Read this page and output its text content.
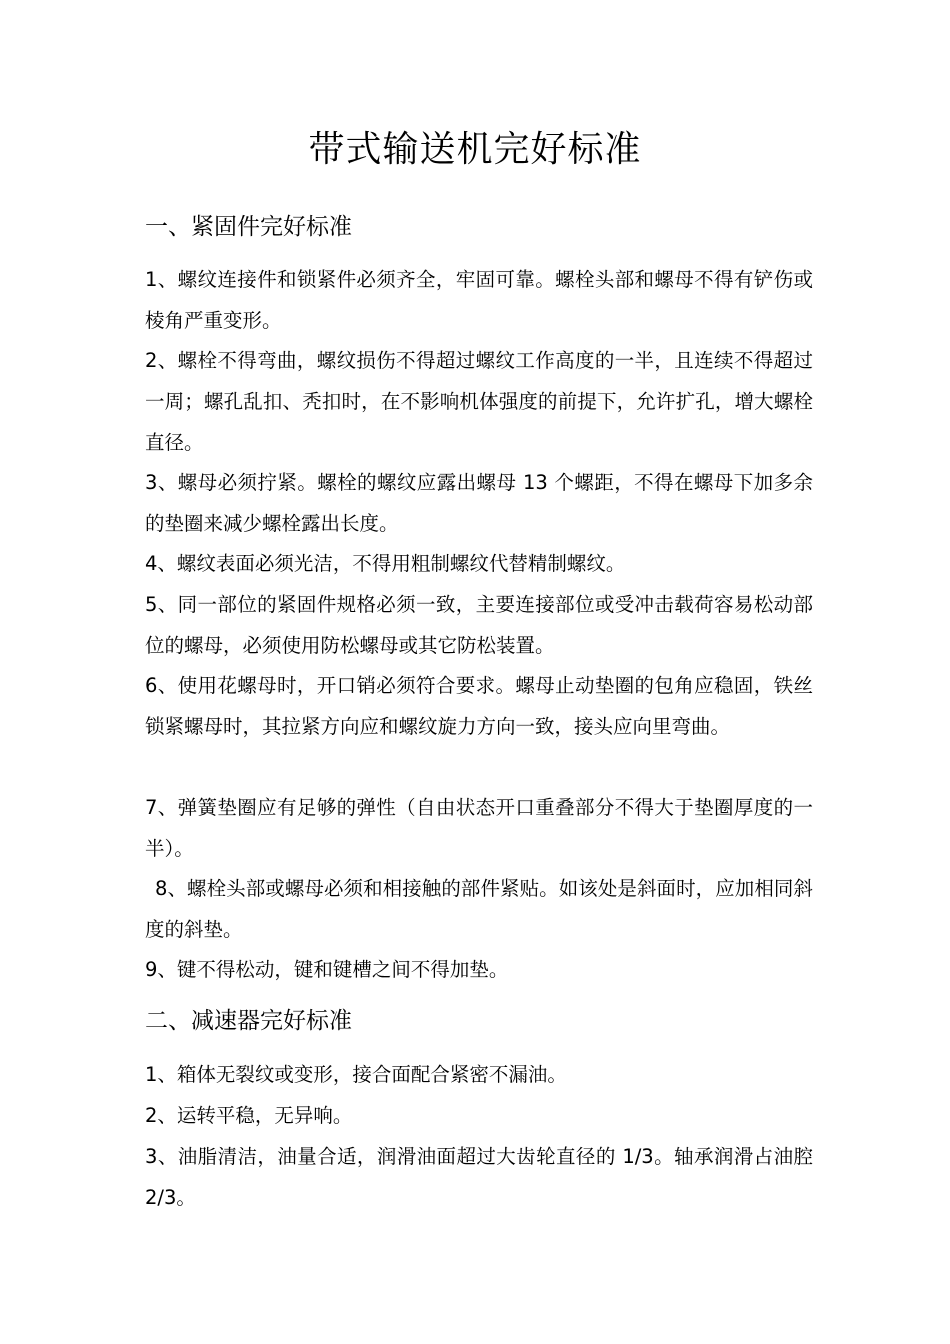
带式输送机完好标准
一、紧固件完好标准

1、螺纹连接件和锁紧件必须齐全，牢固可靠。螺栓头部和螺母不得有铲伤或棱角严重变形。

2、螺栓不得弯曲，螺纹损伤不得超过螺纹工作高度的一半，且连续不得超过一周；螺孔乱扣、秃扣时，在不影响机体强度的前提下，允许扩孔，增大螺栓直径。

3、螺母必须拧紧。螺栓的螺纹应露出螺母 13 个螺距，不得在螺母下加多余的垫圈来减少螺栓露出长度。

4、螺纹表面必须光洁，不得用粗制螺纹代替精制螺纹。

5、同一部位的紧固件规格必须一致，主要连接部位或受冲击载荷容易松动部位的螺母，必须使用防松螺母或其它防松装置。

6、使用花螺母时，开口销必须符合要求。螺母止动垫圈的包角应稳固，铁丝锁紧螺母时，其拉紧方向应和螺纹旋力方向一致，接头应向里弯曲。

7、弹簧垫圈应有足够的弹性（自由状态开口重叠部分不得大于垫圈厚度的一半）。

8、螺栓头部或螺母必须和相接触的部件紧贴。如该处是斜面时，应加相同斜度的斜垫。

9、键不得松动，键和键槽之间不得加垫。

二、减速器完好标准

1、箱体无裂纹或变形，接合面配合紧密不漏油。

2、运转平稳，无异响。

3、油脂清洁，油量合适，润滑油面超过大齿轮直径的 1/3。轴承润滑占油腔 2/3。
